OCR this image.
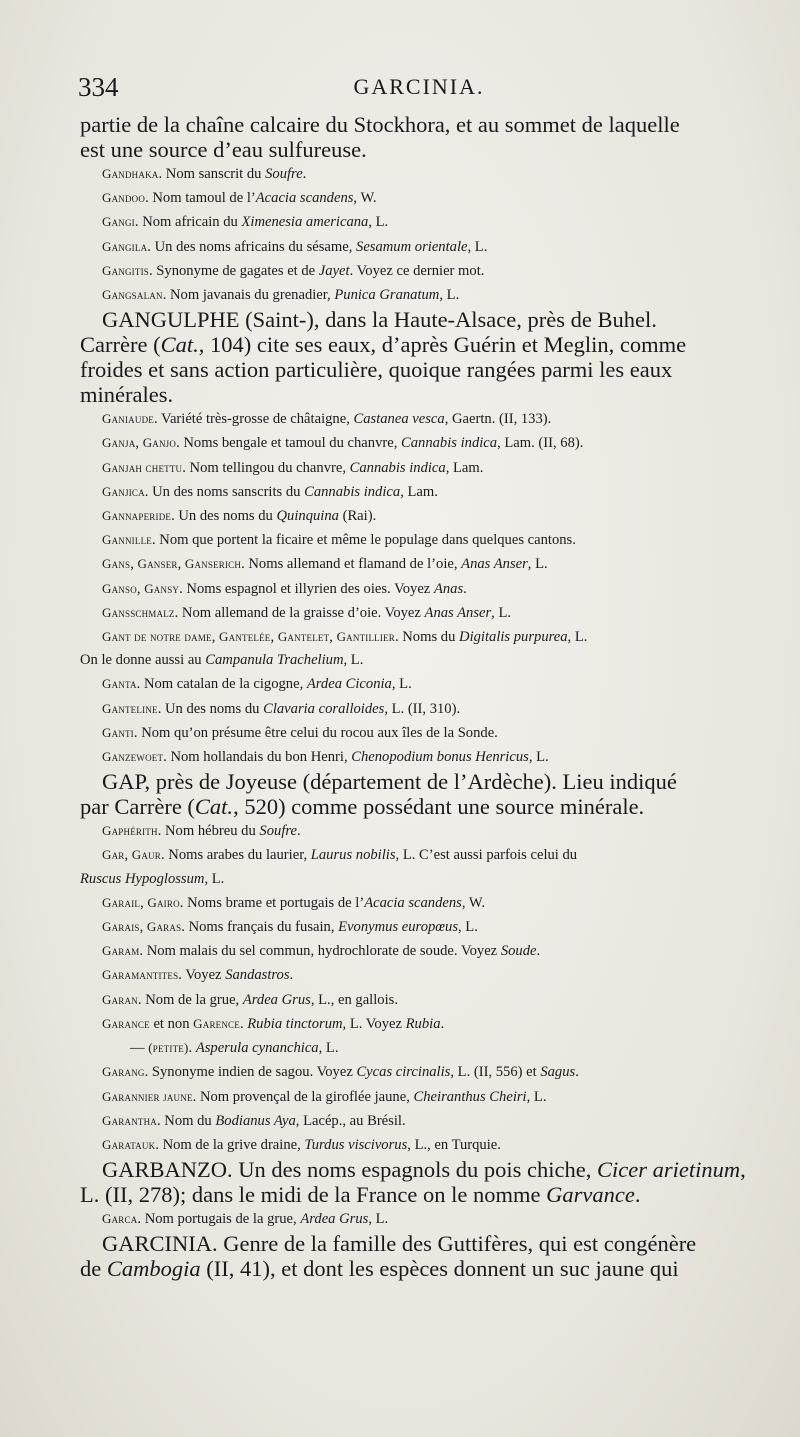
334	GARCINIA.
partie de la chaîne calcaire du Stockhora, et au sommet de laquelle
est une source d’eau sulfureuse.
Gandhaka. Nom sanscrit du Soufre.
Gandoo. Nom tamoul de l’Acacia scandens, W.
Gangi. Nom africain du Ximenesia americana, L.
Gangila. Un des noms africains du sésame, Sesamum orientale, L.
Gangitis. Synonyme de gagates et de Jayet. Voyez ce dernier mot.
Gangsalan. Nom javanais du grenadier, Punica Granatum, L.
GANGULPHE (Saint-), dans la Haute-Alsace, près de Buhel.
Carrère (Cat., 104) cite ses eaux, d’après Guérin et Meglin, comme
froides et sans action particulière, quoique rangées parmi les eaux
minérales.
Ganiaude. Variété très-grosse de châtaigne, Castanea vesca, Gaertn. (II, 133).
Ganja, Ganjo. Noms bengale et tamoul du chanvre, Cannabis indica, Lam. (II, 68).
Ganjah chettu. Nom tellingou du chanvre, Cannabis indica, Lam.
Ganjica. Un des noms sanscrits du Cannabis indica, Lam.
Gannaperide. Un des noms du Quinquina (Rai).
Gannille. Nom que portent la ficaire et même le populage dans quelques cantons.
Gans, Ganser, Ganserich. Noms allemand et flamand de l’oie, Anas Anser, L.
Ganso, Gansy. Noms espagnol et illyrien des oies. Voyez Anas.
Gansschmalz. Nom allemand de la graisse d’oie. Voyez Anas Anser, L.
Gant de notre dame, Gantelée, Gantelet, Gantillier. Noms du Digitalis purpurea, L.
On le donne aussi au Campanula Trachelium, L.
Ganta. Nom catalan de la cigogne, Ardea Ciconia, L.
Ganteline. Un des noms du Clavaria coralloides, L. (II, 310).
Ganti. Nom qu’on présume être celui du rocou aux îles de la Sonde.
Ganzewoet. Nom hollandais du bon Henri, Chenopodium bonus Henricus, L.
GAP, près de Joyeuse (département de l’Ardèche). Lieu indiqué
par Carrère (Cat., 520) comme possédant une source minérale.
Gaphérith. Nom hébreu du Soufre.
Gar, Gaur. Noms arabes du laurier, Laurus nobilis, L. C’est aussi parfois celui du
Ruscus Hypoglossum, L.
Garail, Gairo. Noms brame et portugais de l’Acacia scandens, W.
Garais, Garas. Noms français du fusain, Evonymus europœus, L.
Garam. Nom malais du sel commun, hydrochlorate de soude. Voyez Soude.
Garamantites. Voyez Sandastros.
Garan. Nom de la grue, Ardea Grus, L., en gallois.
Garance et non Garence. Rubia tinctorum, L. Voyez Rubia.
— (petite). Asperula cynanchica, L.
Garang. Synonyme indien de sagou. Voyez Cycas circinalis, L. (II, 556) et Sagus.
Garannier jaune. Nom provençal de la giroflée jaune, Cheiranthus Cheiri, L.
Garantha. Nom du Bodianus Aya, Lacép., au Brésil.
Garatauk. Nom de la grive draine, Turdus viscivorus, L., en Turquie.
GARBANZO. Un des noms espagnols du pois chiche, Cicer arietinum,
L. (II, 278); dans le midi de la France on le nomme Garvance.
Garca. Nom portugais de la grue, Ardea Grus, L.
GARCINIA. Genre de la famille des Guttifères, qui est congénère
de Cambogia (II, 41), et dont les espèces donnent un suc jaune qui
